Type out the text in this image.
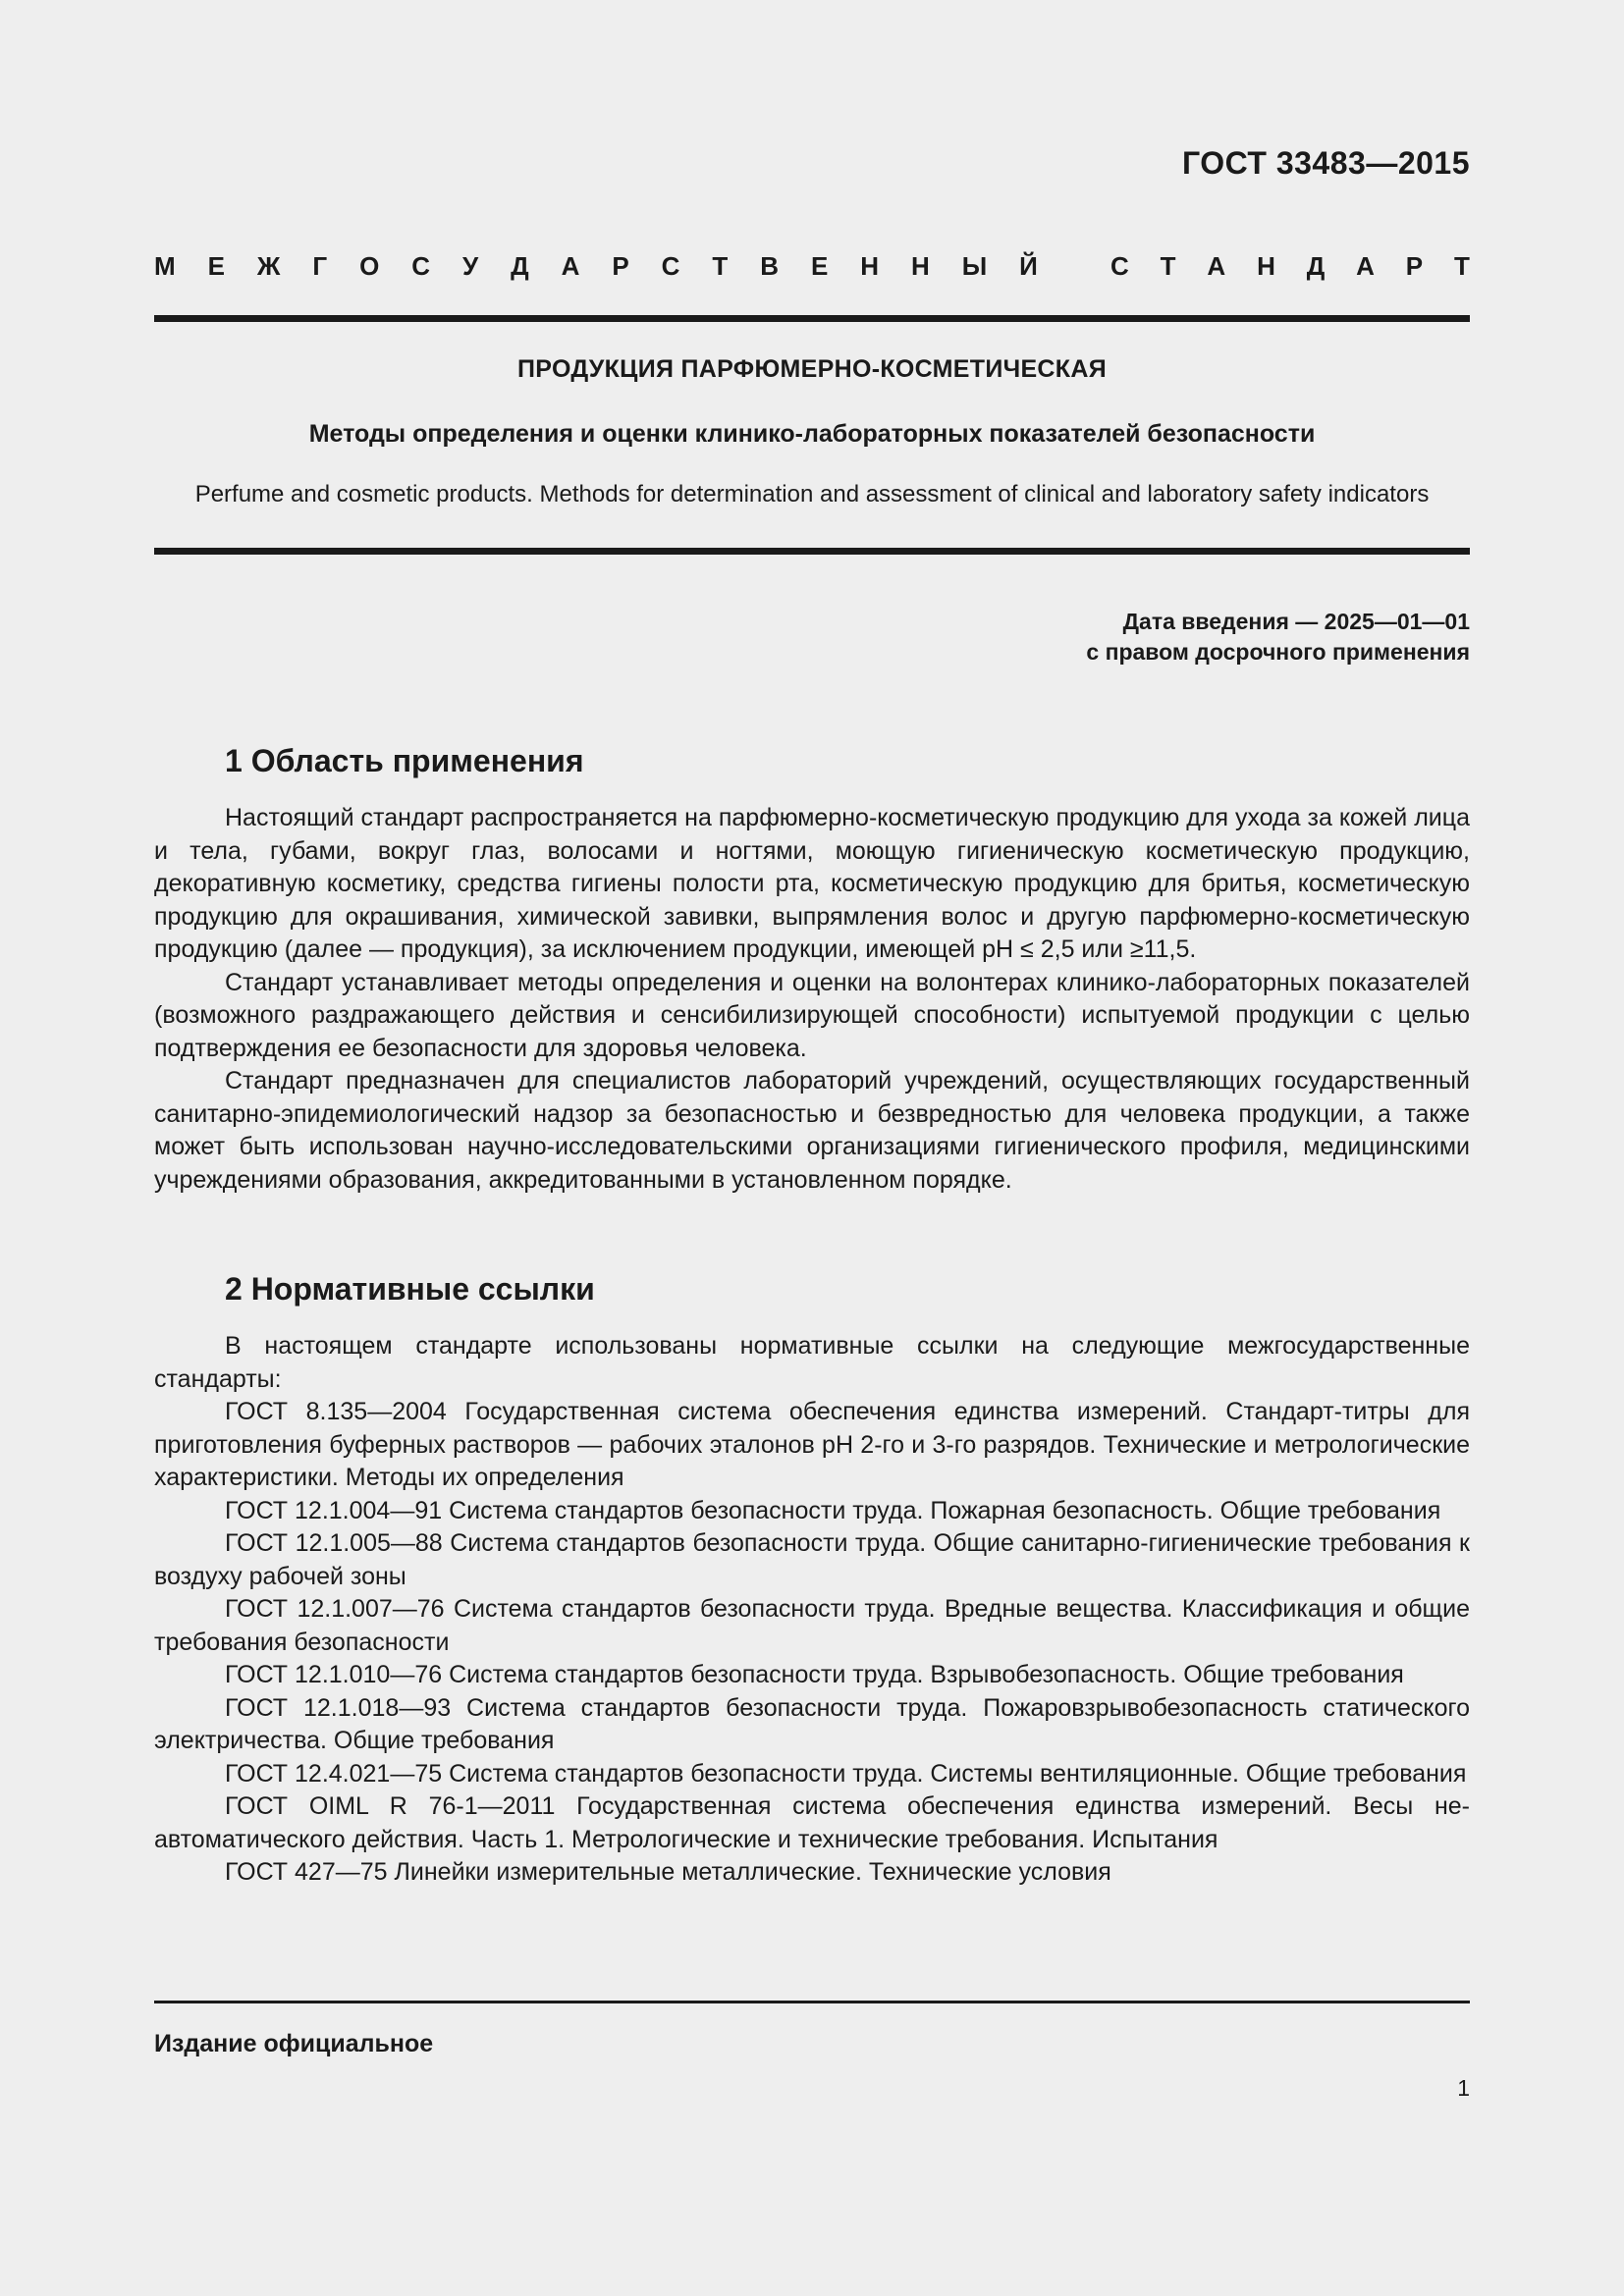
ГОСТ 33483—2015
М Е Ж Г О С У Д А Р С Т В Е Н Н Ы Й	С Т А Н Д А Р Т
ПРОДУКЦИЯ ПАРФЮМЕРНО-КОСМЕТИЧЕСКАЯ
Методы определения и оценки клинико-лабораторных показателей безопасности
Perfume and cosmetic products. Methods for determination and assessment of clinical and laboratory safety indicators
Дата введения — 2025—01—01
с правом досрочного применения
1 Область применения

Настоящий стандарт распространяется на парфюмерно-косметическую продукцию для ухода за кожей лица и тела, губами, вокруг глаз, волосами и ногтями, моющую гигиеническую косметическую продукцию, декоративную косметику, средства гигиены полости рта, косметическую продукцию для бритья, косметическую продукцию для окрашивания, химической завивки, выпрямления волос и другую парфюмерно-косметическую продукцию (далее — продукция), за исключением продукции, имеющей рН ≤ 2,5 или ≥11,5.

Стандарт устанавливает методы определения и оценки на волонтерах клинико-лабораторных показателей (возможного раздражающего действия и сенсибилизирующей способности) испытуемой продукции с целью подтверждения ее безопасности для здоровья человека.

Стандарт предназначен для специалистов лабораторий учреждений, осуществляющих государственный санитарно-эпидемиологический надзор за безопасностью и безвредностью для человека продукции, а также может быть использован научно-исследовательскими организациями гигиенического профиля, медицинскими учреждениями образования, аккредитованными в установленном порядке.

2 Нормативные ссылки

В настоящем стандарте использованы нормативные ссылки на следующие межгосударственные стандарты:

ГОСТ 8.135—2004 Государственная система обеспечения единства измерений. Стандарт-титры для приготовления буферных растворов — рабочих эталонов рН 2-го и 3-го разрядов. Технические и метрологические характеристики. Методы их определения

ГОСТ 12.1.004—91 Система стандартов безопасности труда. Пожарная безопасность. Общие требования

ГОСТ 12.1.005—88 Система стандартов безопасности труда. Общие санитарно-гигиенические требования к воздуху рабочей зоны

ГОСТ 12.1.007—76 Система стандартов безопасности труда. Вредные вещества. Классификация и общие требования безопасности

ГОСТ 12.1.010—76 Система стандартов безопасности труда. Взрывобезопасность. Общие требования

ГОСТ 12.1.018—93 Система стандартов безопасности труда. Пожаровзрывобезопасность статического электричества. Общие требования

ГОСТ 12.4.021—75 Система стандартов безопасности труда. Системы вентиляционные. Общие требования

ГОСТ OIML R 76-1—2011 Государственная система обеспечения единства измерений. Весы неавтоматического действия. Часть 1. Метрологические и технические требования. Испытания

ГОСТ 427—75 Линейки измерительные металлические. Технические условия

Издание официальное
1
